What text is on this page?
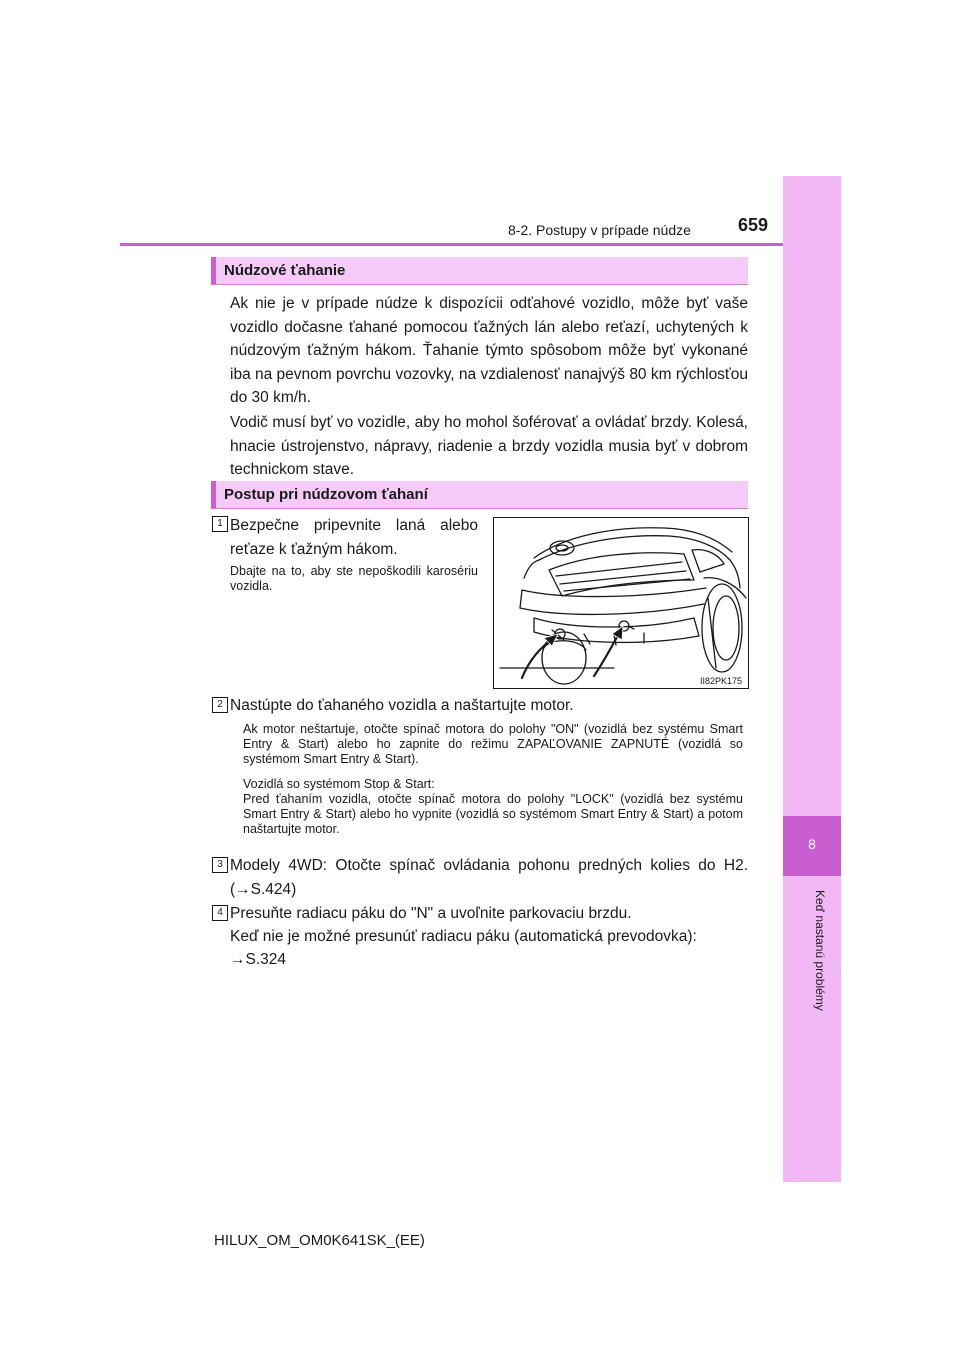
8
Keď nastanú problémy
8-2. Postupy v prípade núdze	659
Núdzové ťahanie

Ak nie je v prípade núdze k dispozícii odťahové vozidlo, môže byť vaše vozidlo dočasne ťahané pomocou ťažných lán alebo reťazí, uchytených k núdzovým ťažným hákom. Ťahanie týmto spôsobom môže byť vykonané iba na pevnom povrchu vozovky, na vzdialenosť nanajvýš 80 km rýchlosťou do 30 km/h.

Vodič musí byť vo vozidle, aby ho mohol šoférovať a ovládať brzdy. Kolesá, hnacie ústrojenstvo, nápravy, riadenie a brzdy vozidla musia byť v dobrom technickom stave.

Postup pri núdzovom ťahaní
1 Bezpečne pripevnite laná alebo reťaze k ťažným hákom.

Dbajte na to, aby ste nepoškodili karosériu vozidla.

II82PK175
2 Nastúpte do ťahaného vozidla a naštartujte motor.

Ak motor neštartuje, otočte spínač motora do polohy "ON" (vozidlá bez systému Smart Entry & Start) alebo ho zapnite do režimu ZAPAĽOVANIE ZAPNUTÉ (vozidlá so systémom Smart Entry & Start).

Vozidlá so systémom Stop & Start:

Pred ťahaním vozidla, otočte spínač motora do polohy "LOCK" (vozidlá bez systému Smart Entry & Start) alebo ho vypnite (vozidlá so systémom Smart Entry & Start) a potom naštartujte motor.

3 Modely 4WD: Otočte spínač ovládania pohonu predných kolies do H2. (→S.424)

4 Presuňte radiacu páku do "N" a uvoľnite parkovaciu brzdu.

Keď nie je možné presunúť radiacu páku (automatická prevodovka):

→S.324

HILUX_OM_OM0K641SK_(EE)
